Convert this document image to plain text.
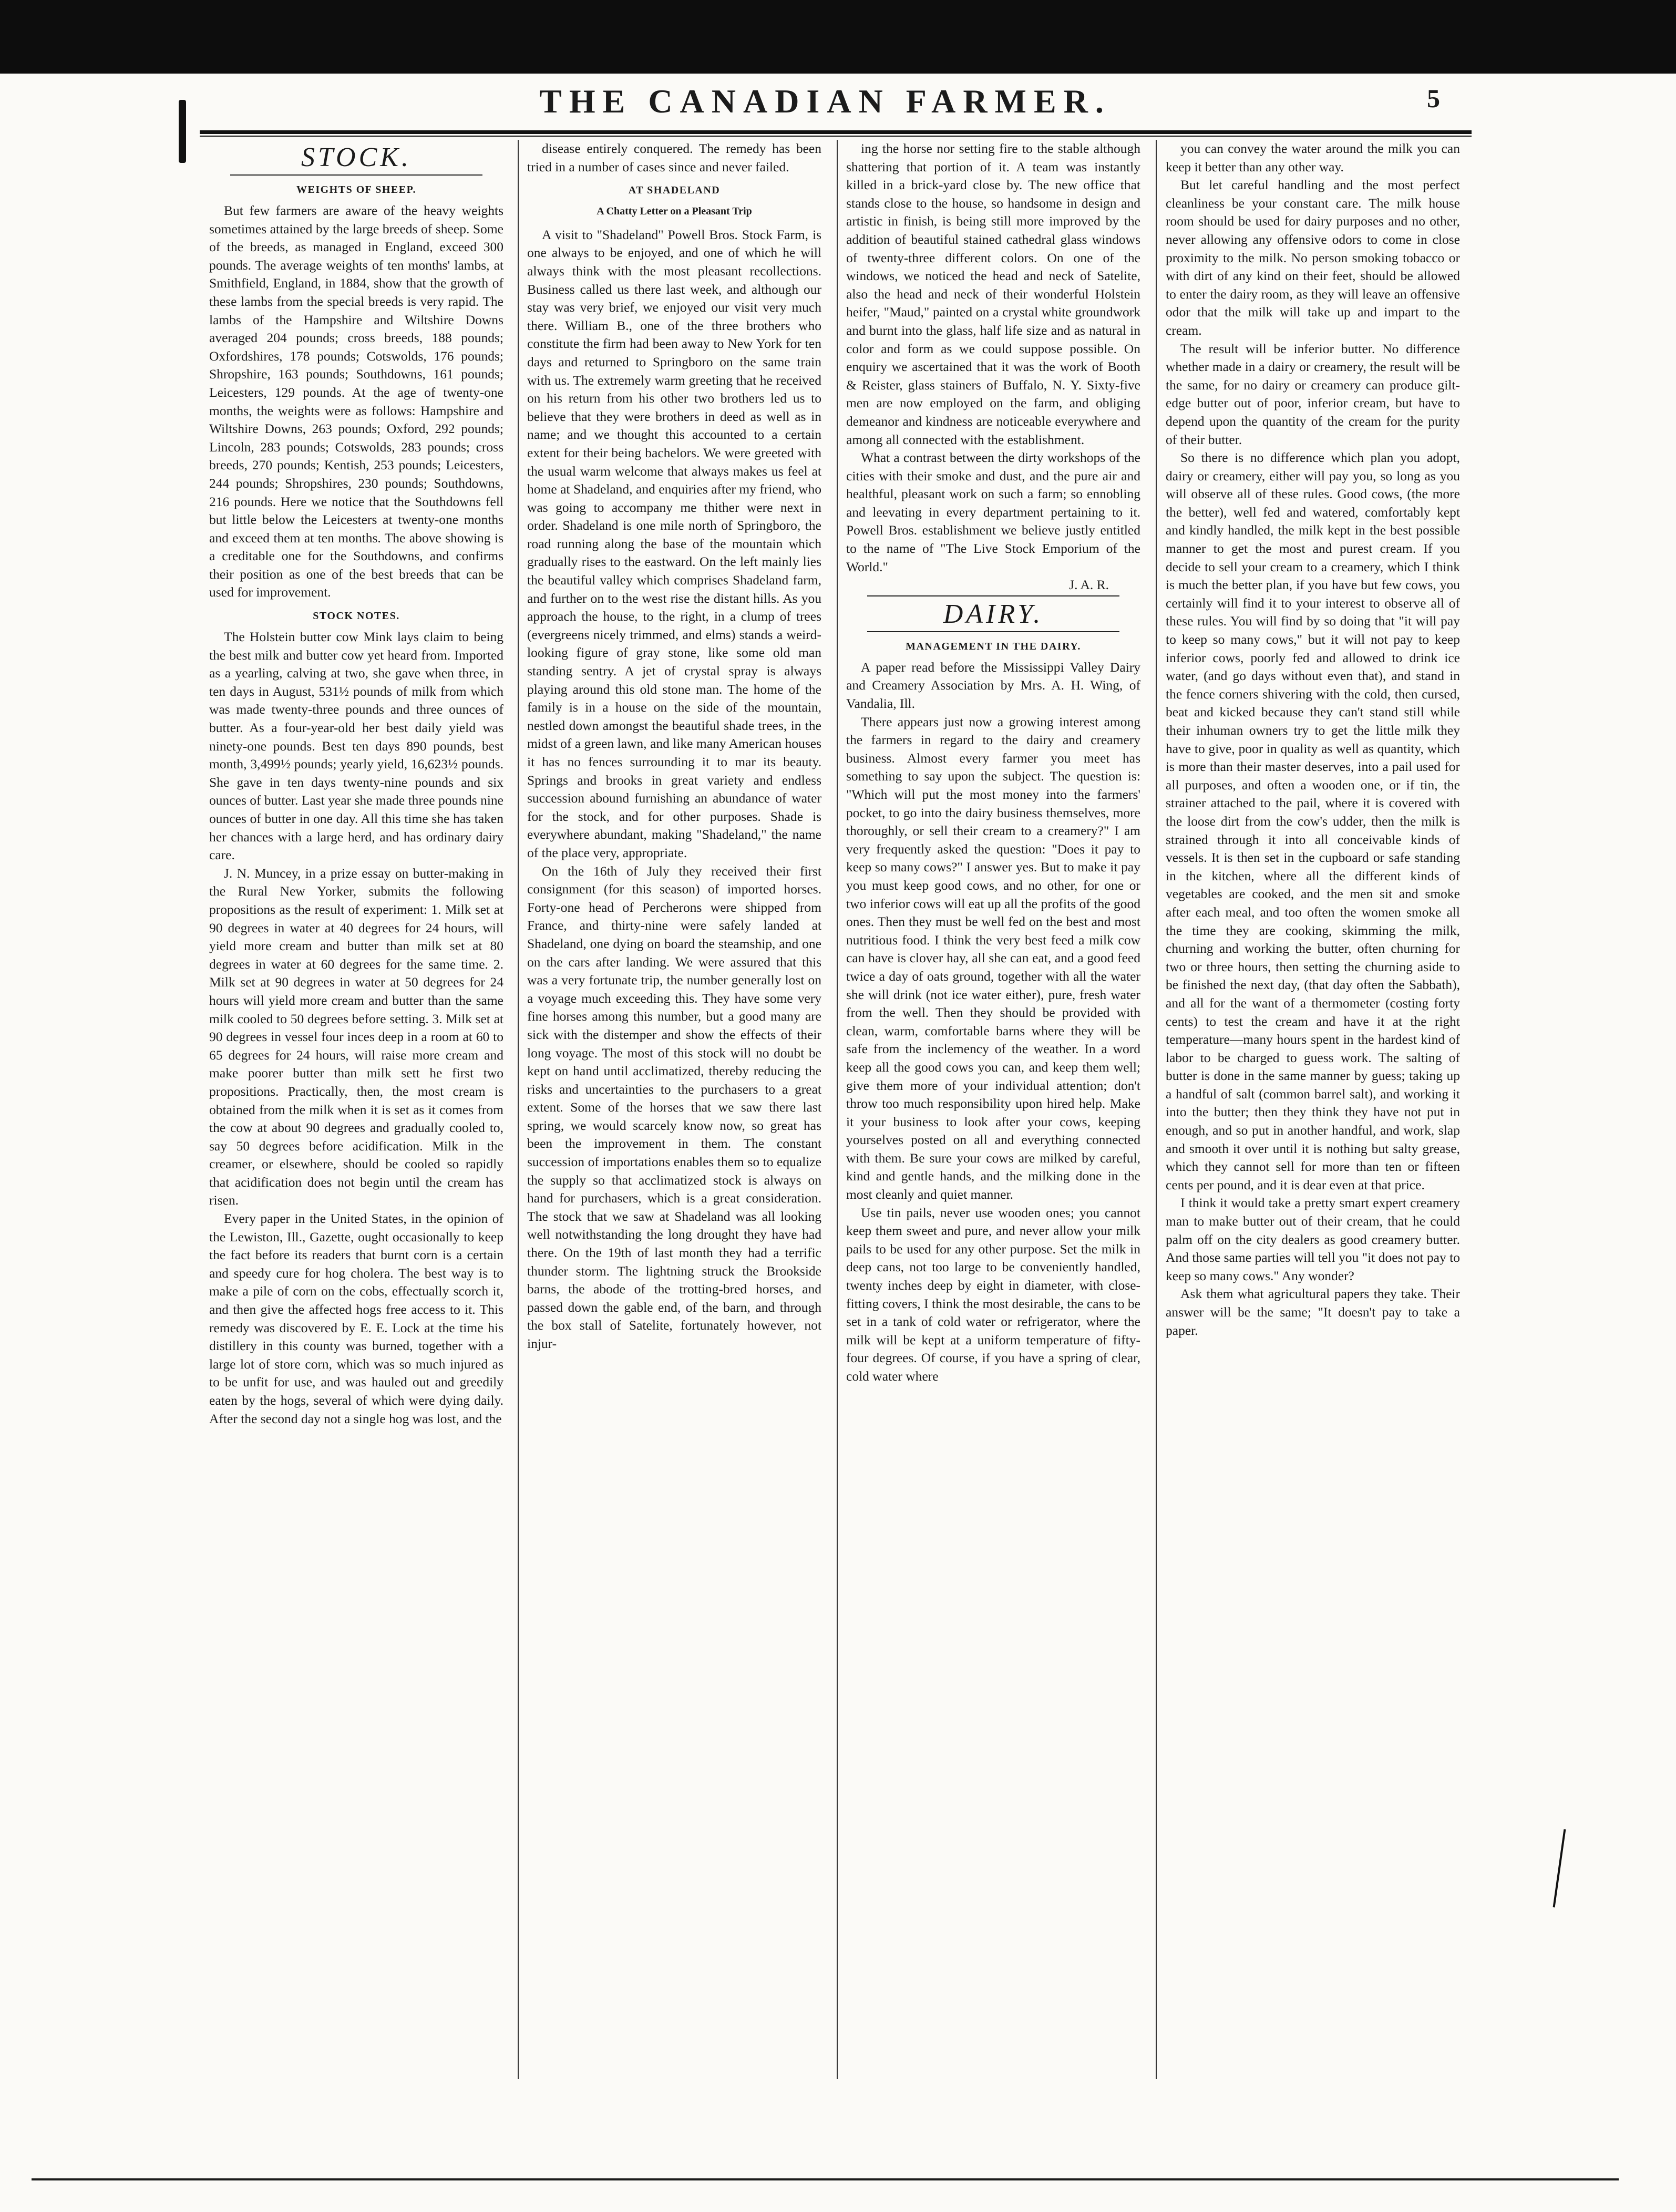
THE CANADIAN FARMER.	5
STOCK.
WEIGHTS OF SHEEP.

But few farmers are aware of the heavy weights sometimes attained by the large breeds of sheep. Some of the breeds, as managed in England, exceed 300 pounds. The average weights of ten months' lambs, at Smithfield, England, in 1884, show that the growth of these lambs from the special breeds is very rapid. The lambs of the Hampshire and Wiltshire Downs averaged 204 pounds; cross breeds, 188 pounds; Oxfordshires, 178 pounds; Cotswolds, 176 pounds; Shropshire, 163 pounds; Southdowns, 161 pounds; Leicesters, 129 pounds. At the age of twenty-one months, the weights were as follows: Hampshire and Wiltshire Downs, 263 pounds; Oxford, 292 pounds; Lincoln, 283 pounds; Cotswolds, 283 pounds; cross breeds, 270 pounds; Kentish, 253 pounds; Leicesters, 244 pounds; Shropshires, 230 pounds; Southdowns, 216 pounds. Here we notice that the Southdowns fell but little below the Leicesters at twenty-one months and exceed them at ten months. The above showing is a creditable one for the Southdowns, and confirms their position as one of the best breeds that can be used for improvement.

STOCK NOTES.

The Holstein butter cow Mink lays claim to being the best milk and butter cow yet heard from. Imported as a yearling, calving at two, she gave when three, in ten days in August, 531½ pounds of milk from which was made twenty-three pounds and three ounces of butter. As a four-year-old her best daily yield was ninety-one pounds. Best ten days 890 pounds, best month, 3,499½ pounds; yearly yield, 16,623½ pounds. She gave in ten days twenty-nine pounds and six ounces of butter. Last year she made three pounds nine ounces of butter in one day. All this time she has taken her chances with a large herd, and has ordinary dairy care.

J. N. Muncey, in a prize essay on butter-making in the Rural New Yorker, submits the following propositions as the result of experiment: 1. Milk set at 90 degrees in water at 40 degrees for 24 hours, will yield more cream and butter than milk set at 80 degrees in water at 60 degrees for the same time. 2. Milk set at 90 degrees in water at 50 degrees for 24 hours will yield more cream and butter than the same milk cooled to 50 degrees before setting. 3. Milk set at 90 degrees in vessel four inces deep in a room at 60 to 65 degrees for 24 hours, will raise more cream and make poorer butter than milk sett he first two propositions. Practically, then, the most cream is obtained from the milk when it is set as it comes from the cow at about 90 degrees and gradually cooled to, say 50 degrees before acidification. Milk in the creamer, or elsewhere, should be cooled so rapidly that acidification does not begin until the cream has risen.

Every paper in the United States, in the opinion of the Lewiston, Ill., Gazette, ought occasionally to keep the fact before its readers that burnt corn is a certain and speedy cure for hog cholera. The best way is to make a pile of corn on the cobs, effectually scorch it, and then give the affected hogs free access to it. This remedy was discovered by E. E. Lock at the time his distillery in this county was burned, together with a large lot of store corn, which was so much injured as to be unfit for use, and was hauled out and greedily eaten by the hogs, several of which were dying daily. After the second day not a single hog was lost, and the

disease entirely conquered. The remedy has been tried in a number of cases since and never failed.

AT SHADELAND
A Chatty Letter on a Pleasant Trip

A visit to "Shadeland" Powell Bros. Stock Farm, is one always to be enjoyed, and one of which he will always think with the most pleasant recollections. Business called us there last week, and although our stay was very brief, we enjoyed our visit very much there. William B., one of the three brothers who constitute the firm had been away to New York for ten days and returned to Springboro on the same train with us. The extremely warm greeting that he received on his return from his other two brothers led us to believe that they were brothers in deed as well as in name; and we thought this accounted to a certain extent for their being bachelors. We were greeted with the usual warm welcome that always makes us feel at home at Shadeland, and enquiries after my friend, who was going to accompany me thither were next in order. Shadeland is one mile north of Springboro, the road running along the base of the mountain which gradually rises to the eastward. On the left mainly lies the beautiful valley which comprises Shadeland farm, and further on to the west rise the distant hills. As you approach the house, to the right, in a clump of trees (evergreens nicely trimmed, and elms) stands a weird-looking figure of gray stone, like some old man standing sentry. A jet of crystal spray is always playing around this old stone man. The home of the family is in a house on the side of the mountain, nestled down amongst the beautiful shade trees, in the midst of a green lawn, and like many American houses it has no fences surrounding it to mar its beauty. Springs and brooks in great variety and endless succession abound furnishing an abundance of water for the stock, and for other purposes. Shade is everywhere abundant, making "Shadeland," the name of the place very, appropriate.

On the 16th of July they received their first consignment (for this season) of imported horses. Forty-one head of Percherons were shipped from France, and thirty-nine were safely landed at Shadeland, one dying on board the steamship, and one on the cars after landing. We were assured that this was a very fortunate trip, the number generally lost on a voyage much exceeding this. They have some very fine horses among this number, but a good many are sick with the distemper and show the effects of their long voyage. The most of this stock will no doubt be kept on hand until acclimatized, thereby reducing the risks and uncertainties to the purchasers to a great extent. Some of the horses that we saw there last spring, we would scarcely know now, so great has been the improvement in them. The constant succession of importations enables them so to equalize the supply so that acclimatized stock is always on hand for purchasers, which is a great consideration. The stock that we saw at Shadeland was all looking well notwithstanding the long drought they have had there. On the 19th of last month they had a terrific thunder storm. The lightning struck the Brookside barns, the abode of the trotting-bred horses, and passed down the gable end, of the barn, and through the box stall of Satelite, fortunately however, not injur-

ing the horse nor setting fire to the stable although shattering that portion of it. A team was instantly killed in a brick-yard close by. The new office that stands close to the house, so handsome in design and artistic in finish, is being still more improved by the addition of beautiful stained cathedral glass windows of twenty-three different colors. On one of the windows, we noticed the head and neck of Satelite, also the head and neck of their wonderful Holstein heifer, "Maud," painted on a crystal white groundwork and burnt into the glass, half life size and as natural in color and form as we could suppose possible. On enquiry we ascertained that it was the work of Booth & Reister, glass stainers of Buffalo, N. Y. Sixty-five men are now employed on the farm, and obliging demeanor and kindness are noticeable everywhere and among all connected with the establishment.

What a contrast between the dirty workshops of the cities with their smoke and dust, and the pure air and healthful, pleasant work on such a farm; so ennobling and leevating in every department pertaining to it. Powell Bros. establishment we believe justly entitled to the name of "The Live Stock Emporium of the World."

J. A. R.
DAIRY.
MANAGEMENT IN THE DAIRY.

A paper read before the Mississippi Valley Dairy and Creamery Association by Mrs. A. H. Wing, of Vandalia, Ill.

There appears just now a growing interest among the farmers in regard to the dairy and creamery business. Almost every farmer you meet has something to say upon the subject. The question is: "Which will put the most money into the farmers' pocket, to go into the dairy business themselves, more thoroughly, or sell their cream to a creamery?" I am very frequently asked the question: "Does it pay to keep so many cows?" I answer yes. But to make it pay you must keep good cows, and no other, for one or two inferior cows will eat up all the profits of the good ones. Then they must be well fed on the best and most nutritious food. I think the very best feed a milk cow can have is clover hay, all she can eat, and a good feed twice a day of oats ground, together with all the water she will drink (not ice water either), pure, fresh water from the well. Then they should be provided with clean, warm, comfortable barns where they will be safe from the inclemency of the weather. In a word keep all the good cows you can, and keep them well; give them more of your individual attention; don't throw too much responsibility upon hired help. Make it your business to look after your cows, keeping yourselves posted on all and everything connected with them. Be sure your cows are milked by careful, kind and gentle hands, and the milking done in the most cleanly and quiet manner.

Use tin pails, never use wooden ones; you cannot keep them sweet and pure, and never allow your milk pails to be used for any other purpose. Set the milk in deep cans, not too large to be conveniently handled, twenty inches deep by eight in diameter, with close-fitting covers, I think the most desirable, the cans to be set in a tank of cold water or refrigerator, where the milk will be kept at a uniform temperature of fifty-four degrees. Of course, if you have a spring of clear, cold water where

you can convey the water around the milk you can keep it better than any other way.

But let careful handling and the most perfect cleanliness be your constant care. The milk house room should be used for dairy purposes and no other, never allowing any offensive odors to come in close proximity to the milk. No person smoking tobacco or with dirt of any kind on their feet, should be allowed to enter the dairy room, as they will leave an offensive odor that the milk will take up and impart to the cream.

The result will be inferior butter. No difference whether made in a dairy or creamery, the result will be the same, for no dairy or creamery can produce gilt-edge butter out of poor, inferior cream, but have to depend upon the quantity of the cream for the purity of their butter.

So there is no difference which plan you adopt, dairy or creamery, either will pay you, so long as you will observe all of these rules. Good cows, (the more the better), well fed and watered, comfortably kept and kindly handled, the milk kept in the best possible manner to get the most and purest cream. If you decide to sell your cream to a creamery, which I think is much the better plan, if you have but few cows, you certainly will find it to your interest to observe all of these rules. You will find by so doing that "it will pay to keep so many cows," but it will not pay to keep inferior cows, poorly fed and allowed to drink ice water, (and go days without even that), and stand in the fence corners shivering with the cold, then cursed, beat and kicked because they can't stand still while their inhuman owners try to get the little milk they have to give, poor in quality as well as quantity, which is more than their master deserves, into a pail used for all purposes, and often a wooden one, or if tin, the strainer attached to the pail, where it is covered with the loose dirt from the cow's udder, then the milk is strained through it into all conceivable kinds of vessels. It is then set in the cupboard or safe standing in the kitchen, where all the different kinds of vegetables are cooked, and the men sit and smoke after each meal, and too often the women smoke all the time they are cooking, skimming the milk, churning and working the butter, often churning for two or three hours, then setting the churning aside to be finished the next day, (that day often the Sabbath), and all for the want of a thermometer (costing forty cents) to test the cream and have it at the right temperature—many hours spent in the hardest kind of labor to be charged to guess work. The salting of butter is done in the same manner by guess; taking up a handful of salt (common barrel salt), and working it into the butter; then they think they have not put in enough, and so put in another handful, and work, slap and smooth it over until it is nothing but salty grease, which they cannot sell for more than ten or fifteen cents per pound, and it is dear even at that price.

I think it would take a pretty smart expert creamery man to make butter out of their cream, that he could palm off on the city dealers as good creamery butter. And those same parties will tell you "it does not pay to keep so many cows." Any wonder?

Ask them what agricultural papers they take. Their answer will be the same; "It doesn't pay to take a paper.
